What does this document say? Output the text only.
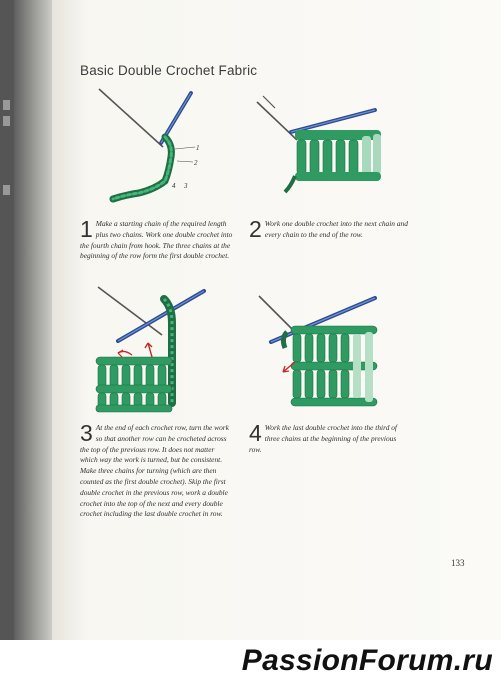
Basic Double Crochet Fabric
1
2
3
4
1 Make a starting chain of the required length plus two chains. Work one double crochet into the fourth chain from hook. The three chains at the beginning of the row form the first double crochet.
2 Work one double crochet into the next chain and every chain to the end of the row.
3 At the end of each crochet row, turn the work so that another row can be crocheted across the top of the previous row. It does not matter which way the work is turned, but be consistent. Make three chains for turning (which are then counted as the first double crochet). Skip the first double crochet in the previous row, work a double crochet into the top of the next and every double crochet including the last double crochet in row.
4 Work the last double crochet into the third of three chains at the beginning of the previous row.
133
PassionForum.ru
